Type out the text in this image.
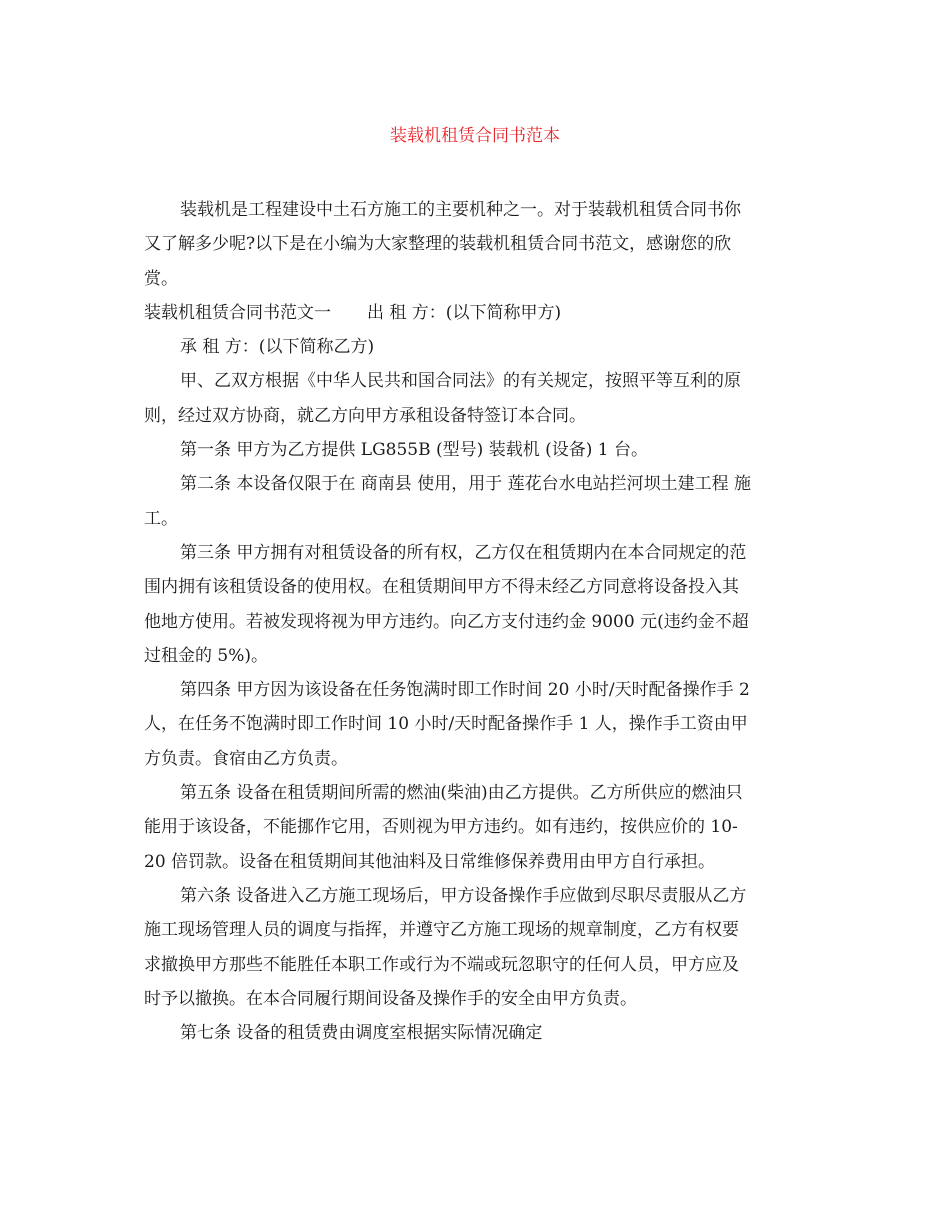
装载机租赁合同书范本
装载机是工程建设中土石方施工的主要机种之一。对于装载机租赁合同书你
又了解多少呢?以下是在小编为大家整理的装载机租赁合同书范文，感谢您的欣
赏。
装载机租赁合同书范文一 出 租 方：(以下简称甲方)
承 租 方：(以下简称乙方)
甲、乙双方根据《中华人民共和国合同法》的有关规定，按照平等互利的原
则，经过双方协商，就乙方向甲方承租设备特签订本合同。
第一条 甲方为乙方提供 LG855B (型号) 装载机 (设备) 1 台。
第二条 本设备仅限于在 商南县 使用，用于 莲花台水电站拦河坝土建工程 施
工。
第三条 甲方拥有对租赁设备的所有权，乙方仅在租赁期内在本合同规定的范
围内拥有该租赁设备的使用权。在租赁期间甲方不得未经乙方同意将设备投入其
他地方使用。若被发现将视为甲方违约。向乙方支付违约金 9000 元(违约金不超
过租金的 5%)。
第四条 甲方因为该设备在任务饱满时即工作时间 20 小时/天时配备操作手 2
人，在任务不饱满时即工作时间 10 小时/天时配备操作手 1 人，操作手工资由甲
方负责。食宿由乙方负责。
第五条 设备在租赁期间所需的燃油(柴油)由乙方提供。乙方所供应的燃油只
能用于该设备，不能挪作它用，否则视为甲方违约。如有违约，按供应价的 10-
20 倍罚款。设备在租赁期间其他油料及日常维修保养费用由甲方自行承担。
第六条 设备进入乙方施工现场后，甲方设备操作手应做到尽职尽责服从乙方
施工现场管理人员的调度与指挥，并遵守乙方施工现场的规章制度，乙方有权要
求撤换甲方那些不能胜任本职工作或行为不端或玩忽职守的任何人员，甲方应及
时予以撤换。在本合同履行期间设备及操作手的安全由甲方负责。
第七条 设备的租赁费由调度室根据实际情况确定
